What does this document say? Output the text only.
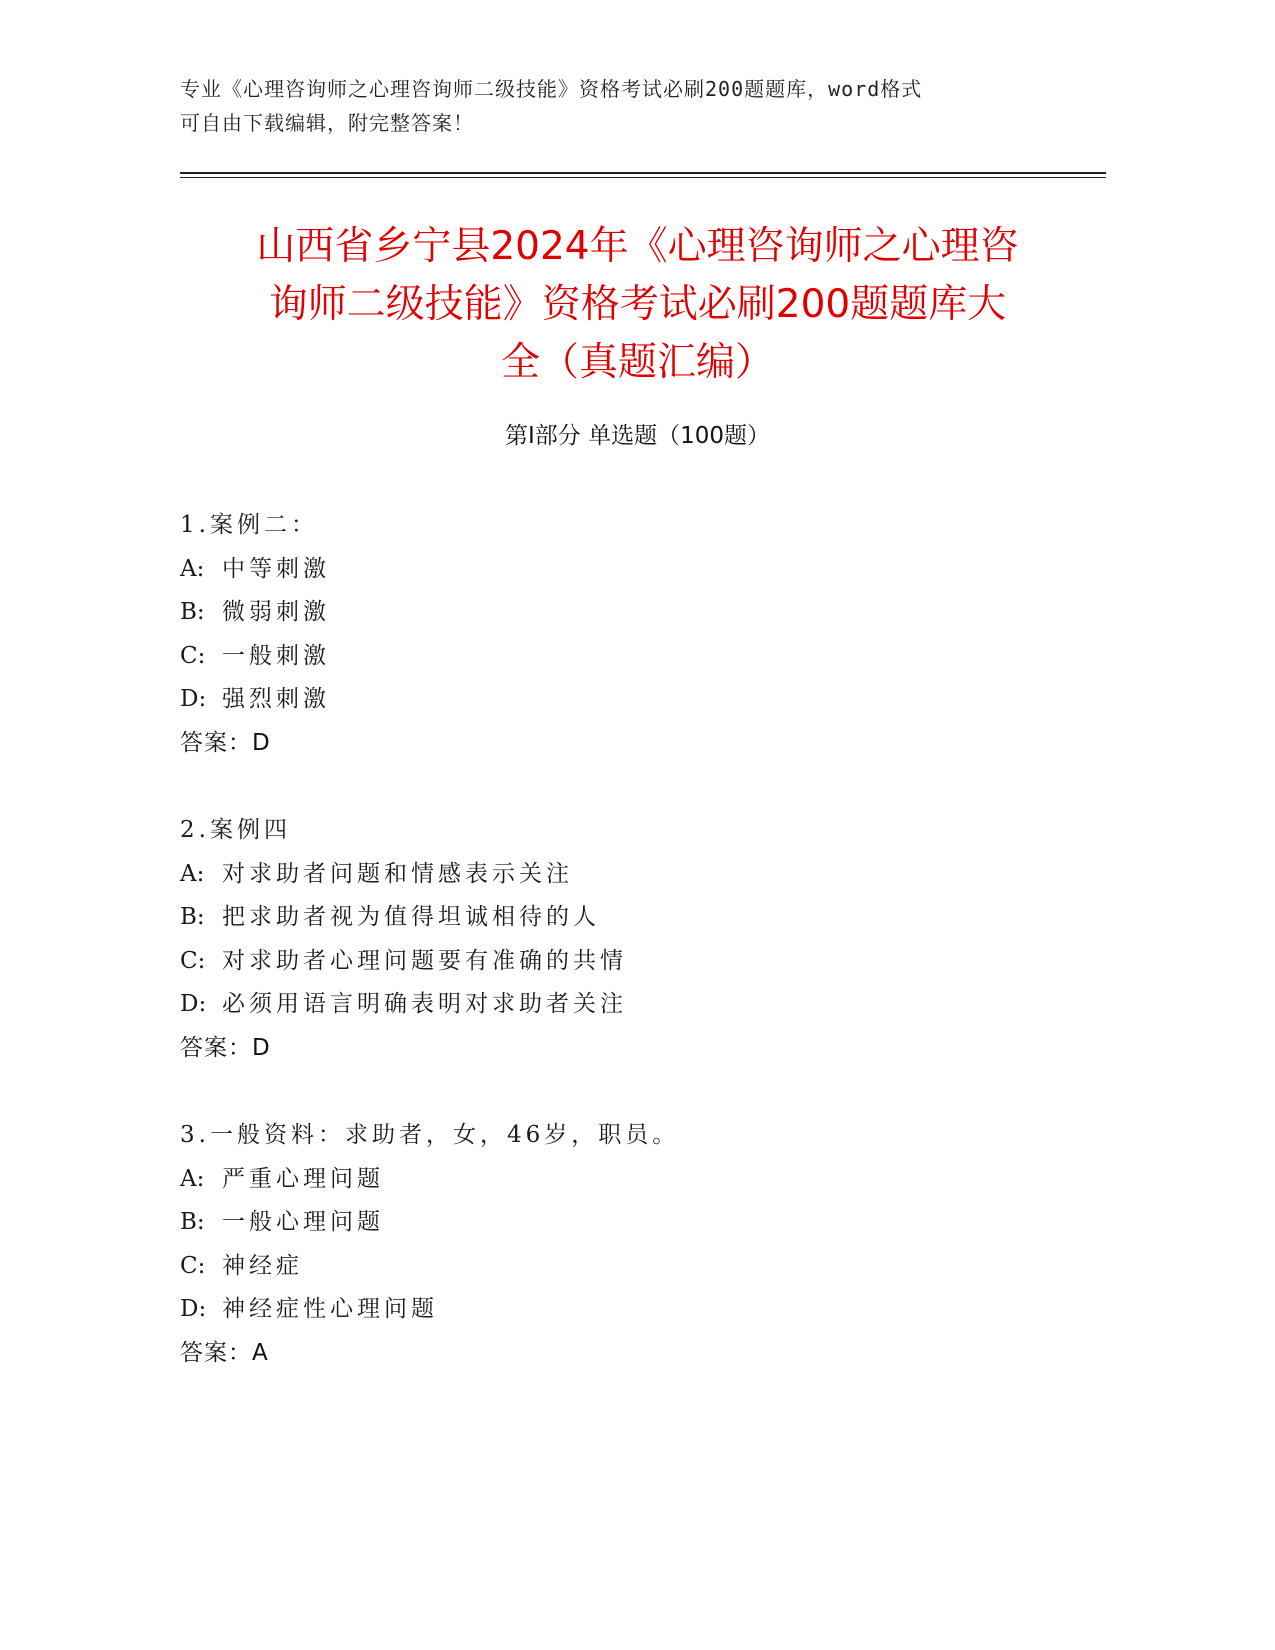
专业《心理咨询师之心理咨询师二级技能》资格考试必刷200题题库，word格式
可自由下载编辑，附完整答案！
山西省乡宁县2024年《心理咨询师之心理咨
询师二级技能》资格考试必刷200题题库大
全（真题汇编）
第Ⅰ部分 单选题（100题）
1.案例二：
A: 中等刺激
B: 微弱刺激
C: 一般刺激
D: 强烈刺激
答案：D
2.案例四
A: 对求助者问题和情感表示关注
B: 把求助者视为值得坦诚相待的人
C: 对求助者心理问题要有准确的共情
D: 必须用语言明确表明对求助者关注
答案：D
3.一般资料：求助者，女，46岁，职员。
A: 严重心理问题
B: 一般心理问题
C: 神经症
D: 神经症性心理问题
答案：A
